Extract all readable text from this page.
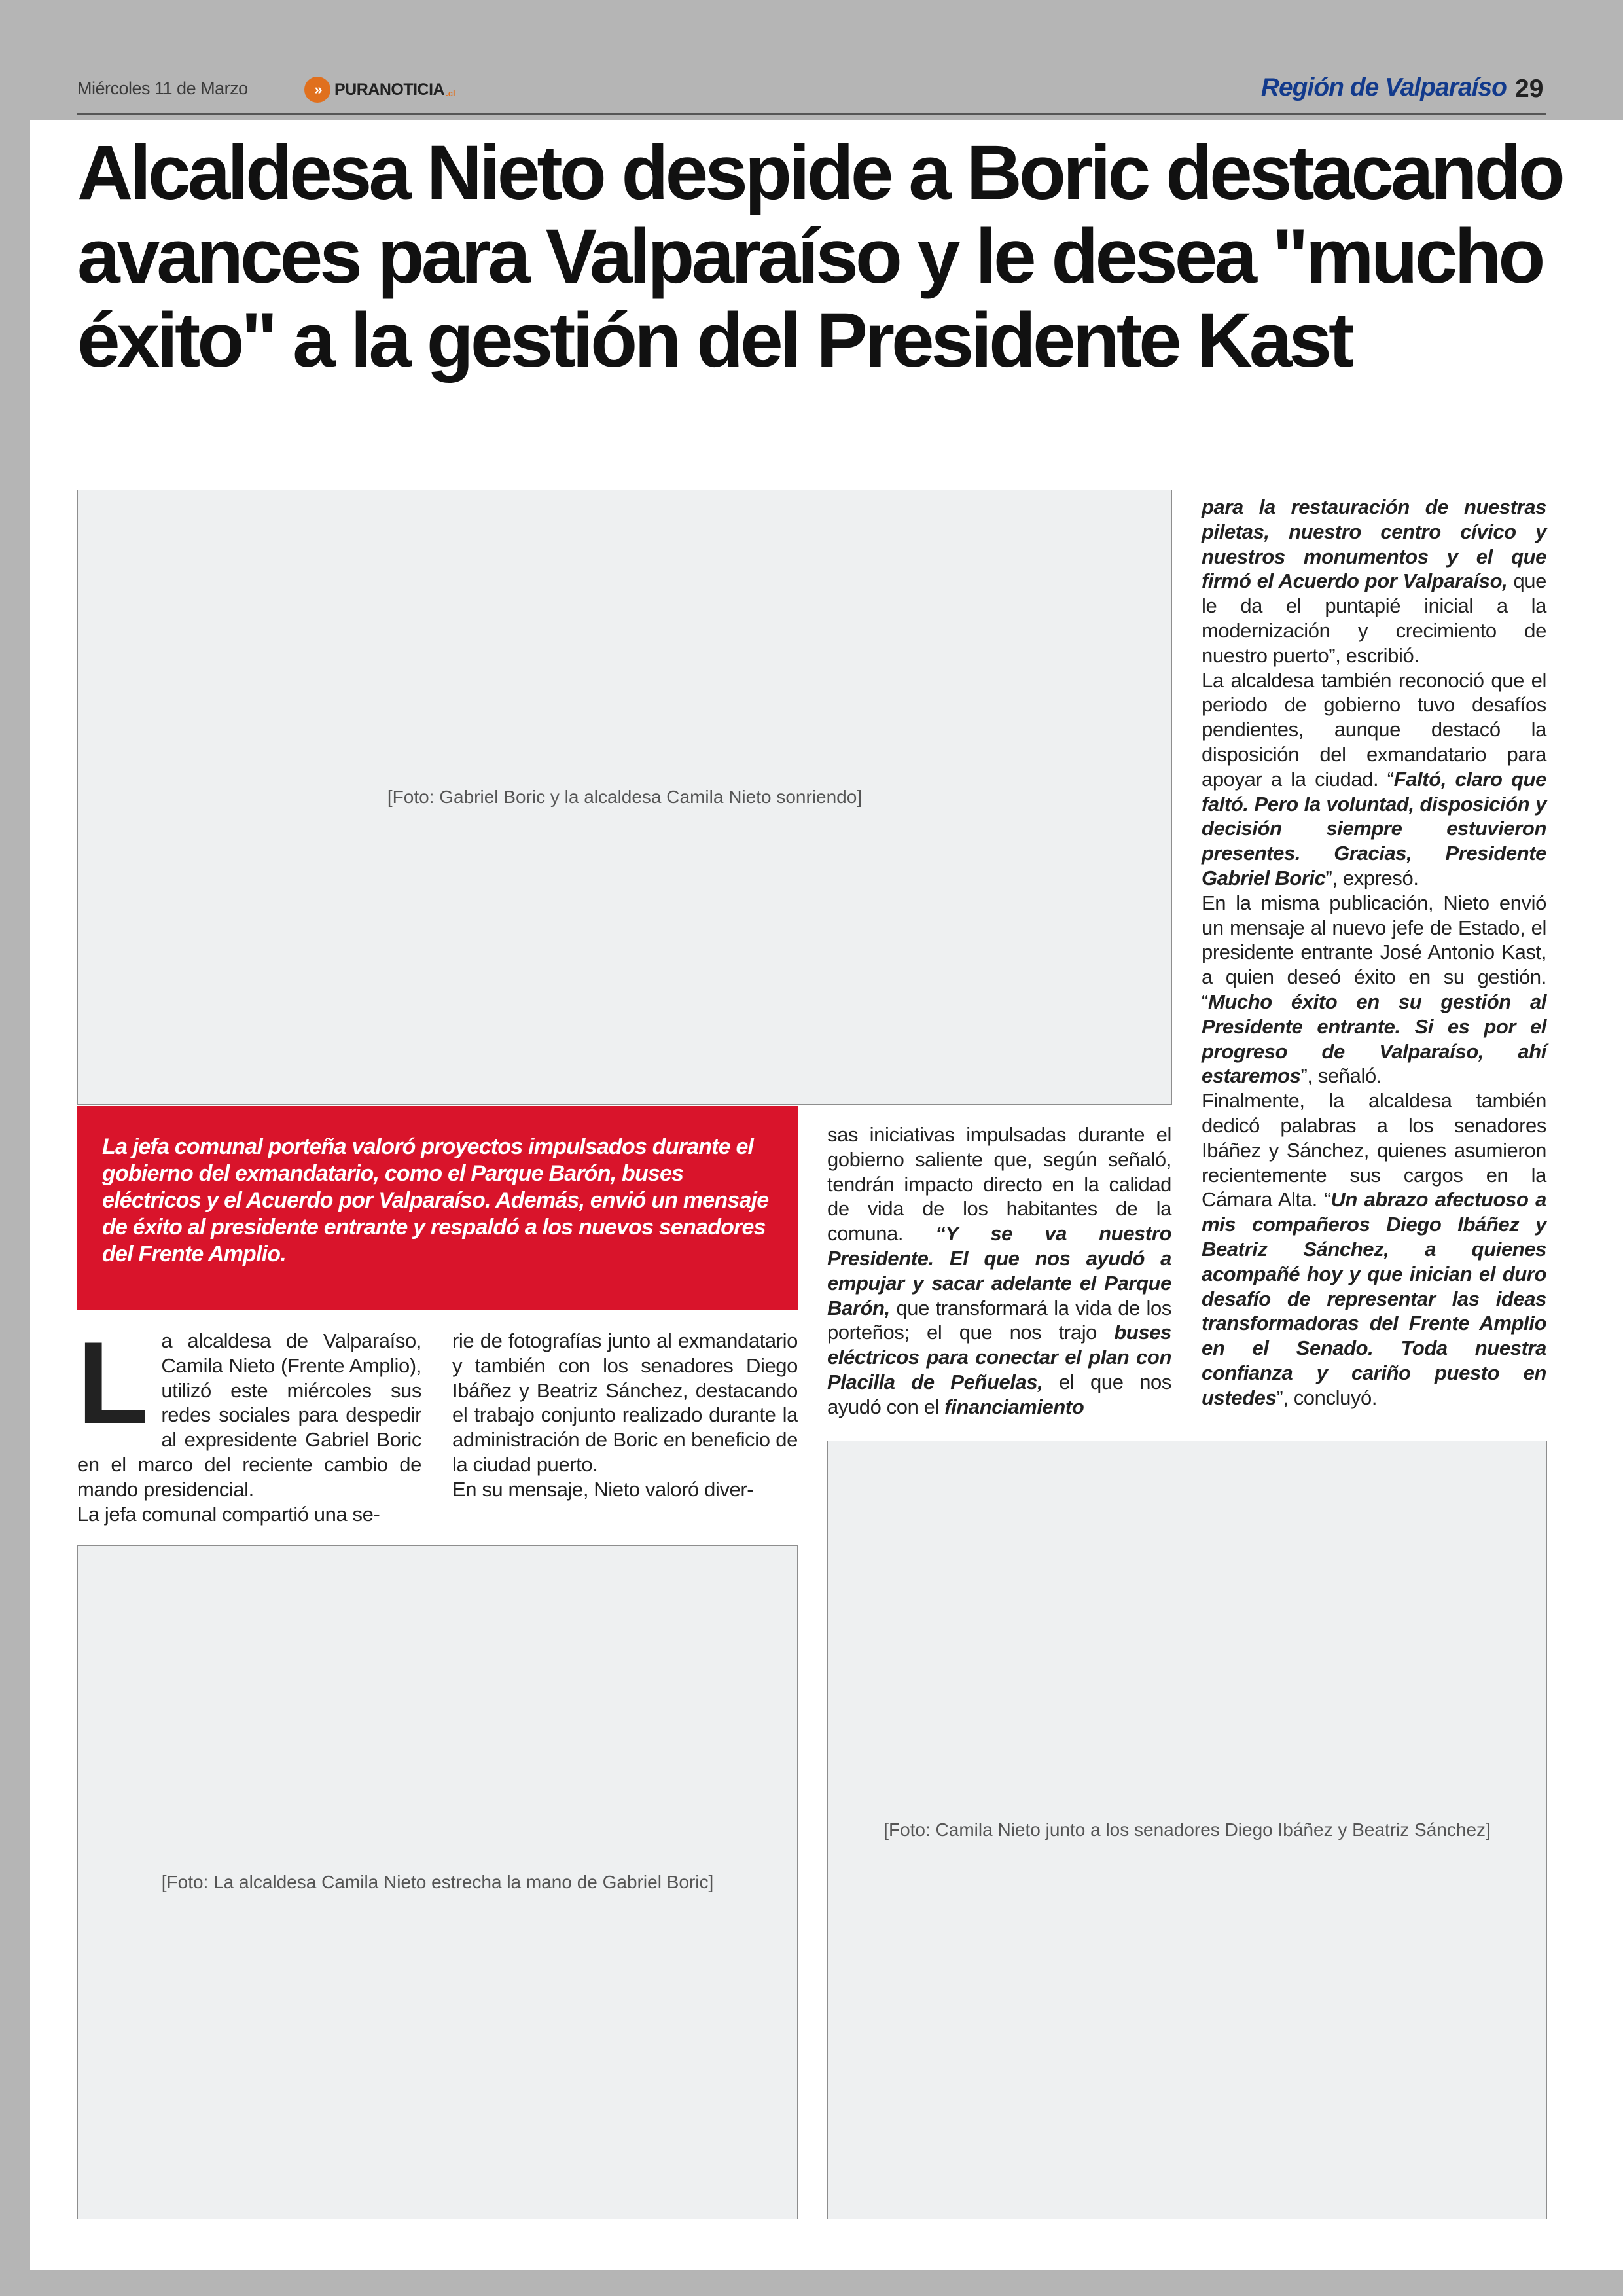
Miércoles 11 de Marzo	» PURANOTICIA .cl	Región de Valparaíso 29
Alcaldesa Nieto despide a Boric destacando avances para Valparaíso y le desea "mucho éxito" a la gestión del Presidente Kast
[Foto: Gabriel Boric y la alcaldesa Camila Nieto sonriendo]
La jefa comunal porteña valoró proyectos impulsados durante el gobierno del exmandatario, como el Parque Barón, buses eléctricos y el Acuerdo por Valparaíso. Además, envió un mensaje de éxito al presidente entrante y respaldó a los nuevos senadores del Frente Amplio.

La alcaldesa de Valparaíso, Camila Nieto (Frente Amplio), utilizó este miércoles sus redes sociales para despedir al expresidente Gabriel Boric en el marco del reciente cambio de mando presidencial.

La jefa comunal compartió una se-

rie de fotografías junto al exmandatario y también con los senadores Diego Ibáñez y Beatriz Sánchez, destacando el trabajo conjunto realizado durante la administración de Boric en beneficio de la ciudad puerto.

En su mensaje, Nieto valoró diver-

sas iniciativas impulsadas durante el gobierno saliente que, según señaló, tendrán impacto directo en la calidad de vida de los habitantes de la comuna. “Y se va nuestro Presidente. El que nos ayudó a empujar y sacar adelante el Parque Barón, que transformará la vida de los porteños; el que nos trajo buses eléctricos para conectar el plan con Placilla de Peñuelas, el que nos ayudó con el financiamiento

para la restauración de nuestras piletas, nuestro centro cívico y nuestros monumentos y el que firmó el Acuerdo por Valparaíso, que le da el puntapié inicial a la modernización y crecimiento de nuestro puerto”, escribió.

La alcaldesa también reconoció que el periodo de gobierno tuvo desafíos pendientes, aunque destacó la disposición del exmandatario para apoyar a la ciudad. “Faltó, claro que faltó. Pero la voluntad, disposición y decisión siempre estuvieron presentes. Gracias, Presidente Gabriel Boric”, expresó.

En la misma publicación, Nieto envió un mensaje al nuevo jefe de Estado, el presidente entrante José Antonio Kast, a quien deseó éxito en su gestión. “Mucho éxito en su gestión al Presidente entrante. Si es por el progreso de Valparaíso, ahí estaremos”, señaló.

Finalmente, la alcaldesa también dedicó palabras a los senadores Ibáñez y Sánchez, quienes asumieron recientemente sus cargos en la Cámara Alta. “Un abrazo afectuoso a mis compañeros Diego Ibáñez y Beatriz Sánchez, a quienes acompañé hoy y que inician el duro desafío de representar las ideas transformadoras del Frente Amplio en el Senado. Toda nuestra confianza y cariño puesto en ustedes”, concluyó.

[Foto: La alcaldesa Camila Nieto estrecha la mano de Gabriel Boric]
[Foto: Camila Nieto junto a los senadores Diego Ibáñez y Beatriz Sánchez]
